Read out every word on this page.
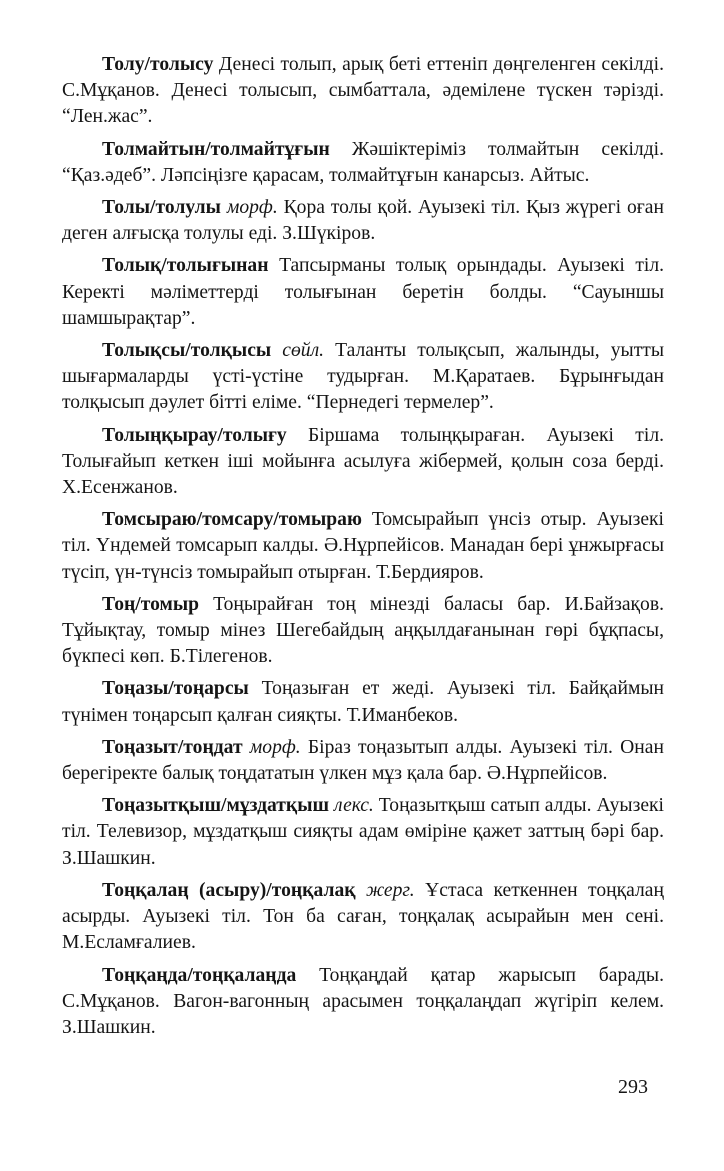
Толу/толысу Денесі толып, арық беті еттеніп дөңгеленген секілді. С.Мұқанов. Денесі толысып, сымбаттала, әдемілене түскен тәрізді. “Лен.жас”.

Толмайтын/толмайтұғын Жәшіктеріміз толмайтын секілді. “Қаз.әдеб”. Ләпсіңізге қарасам, толмайтұғын канарсыз. Айтыс.

Толы/толулы морф. Қора толы қой. Ауызекі тіл. Қыз жүрегі оған деген алғысқа толулы еді. З.Шүкіров.

Толық/толығынан Тапсырманы толық орындады. Ауызекі тіл. Керекті мәліметтерді толығынан беретін болды. “Сауыншы шамшырақтар”.

Толықсы/толқысы сөйл. Таланты толықсып, жалынды, уытты шығармаларды үсті-үстіне тудырған. М.Қаратаев. Бұрынғыдан толқысып дәулет бітті еліме. “Пернедегі термелер”.

Толыңқырау/толығу Біршама толыңқыраған. Ауызекі тіл. Толығайып кеткен іші мойынға асылуға жібермей, қолын соза берді. Х.Есенжанов.

Томсыраю/томсару/томыраю Томсырайып үнсіз отыр. Ауызекі тіл. Үндемей томсарып калды. Ә.Нұрпейісов. Манадан бері ұнжырғасы түсіп, үн-түнсіз томырайып отырған. Т.Бердияров.

Тоң/томыр Тоңырайған тоң мінезді баласы бар. И.Байзақов. Тұйықтау, томыр мінез Шегебайдың аңқылдағанынан гөрі бұқпасы, бүкпесі көп. Б.Тілегенов.

Тоңазы/тоңарсы Тоңазыған ет жеді. Ауызекі тіл. Байқаймын түнімен тоңарсып қалған сияқты. Т.Иманбеков.

Тоңазыт/тоңдат морф. Біраз тоңазытып алды. Ауызекі тіл. Онан берегіректе балық тоңдататын үлкен мұз қала бар. Ә.Нұрпейісов.

Тоңазытқыш/мұздатқыш лекс. Тоңазытқыш сатып алды. Ауызекі тіл. Телевизор, мұздатқыш сияқты адам өміріне қажет заттың бәрі бар. З.Шашкин.

Тоңқалаң (асыру)/тоңқалақ жерг. Ұстаса кеткеннен тоңқалаң асырды. Ауызекі тіл. Тон ба саған, тоңқалақ асырайын мен сені. М.Есламғалиев.

Тоңқаңда/тоңқалаңда Тоңқаңдай қатар жарысып барады. С.Мұқанов. Вагон-вагонның арасымен тоңқалаңдап жүгіріп келем. З.Шашкин.

293
